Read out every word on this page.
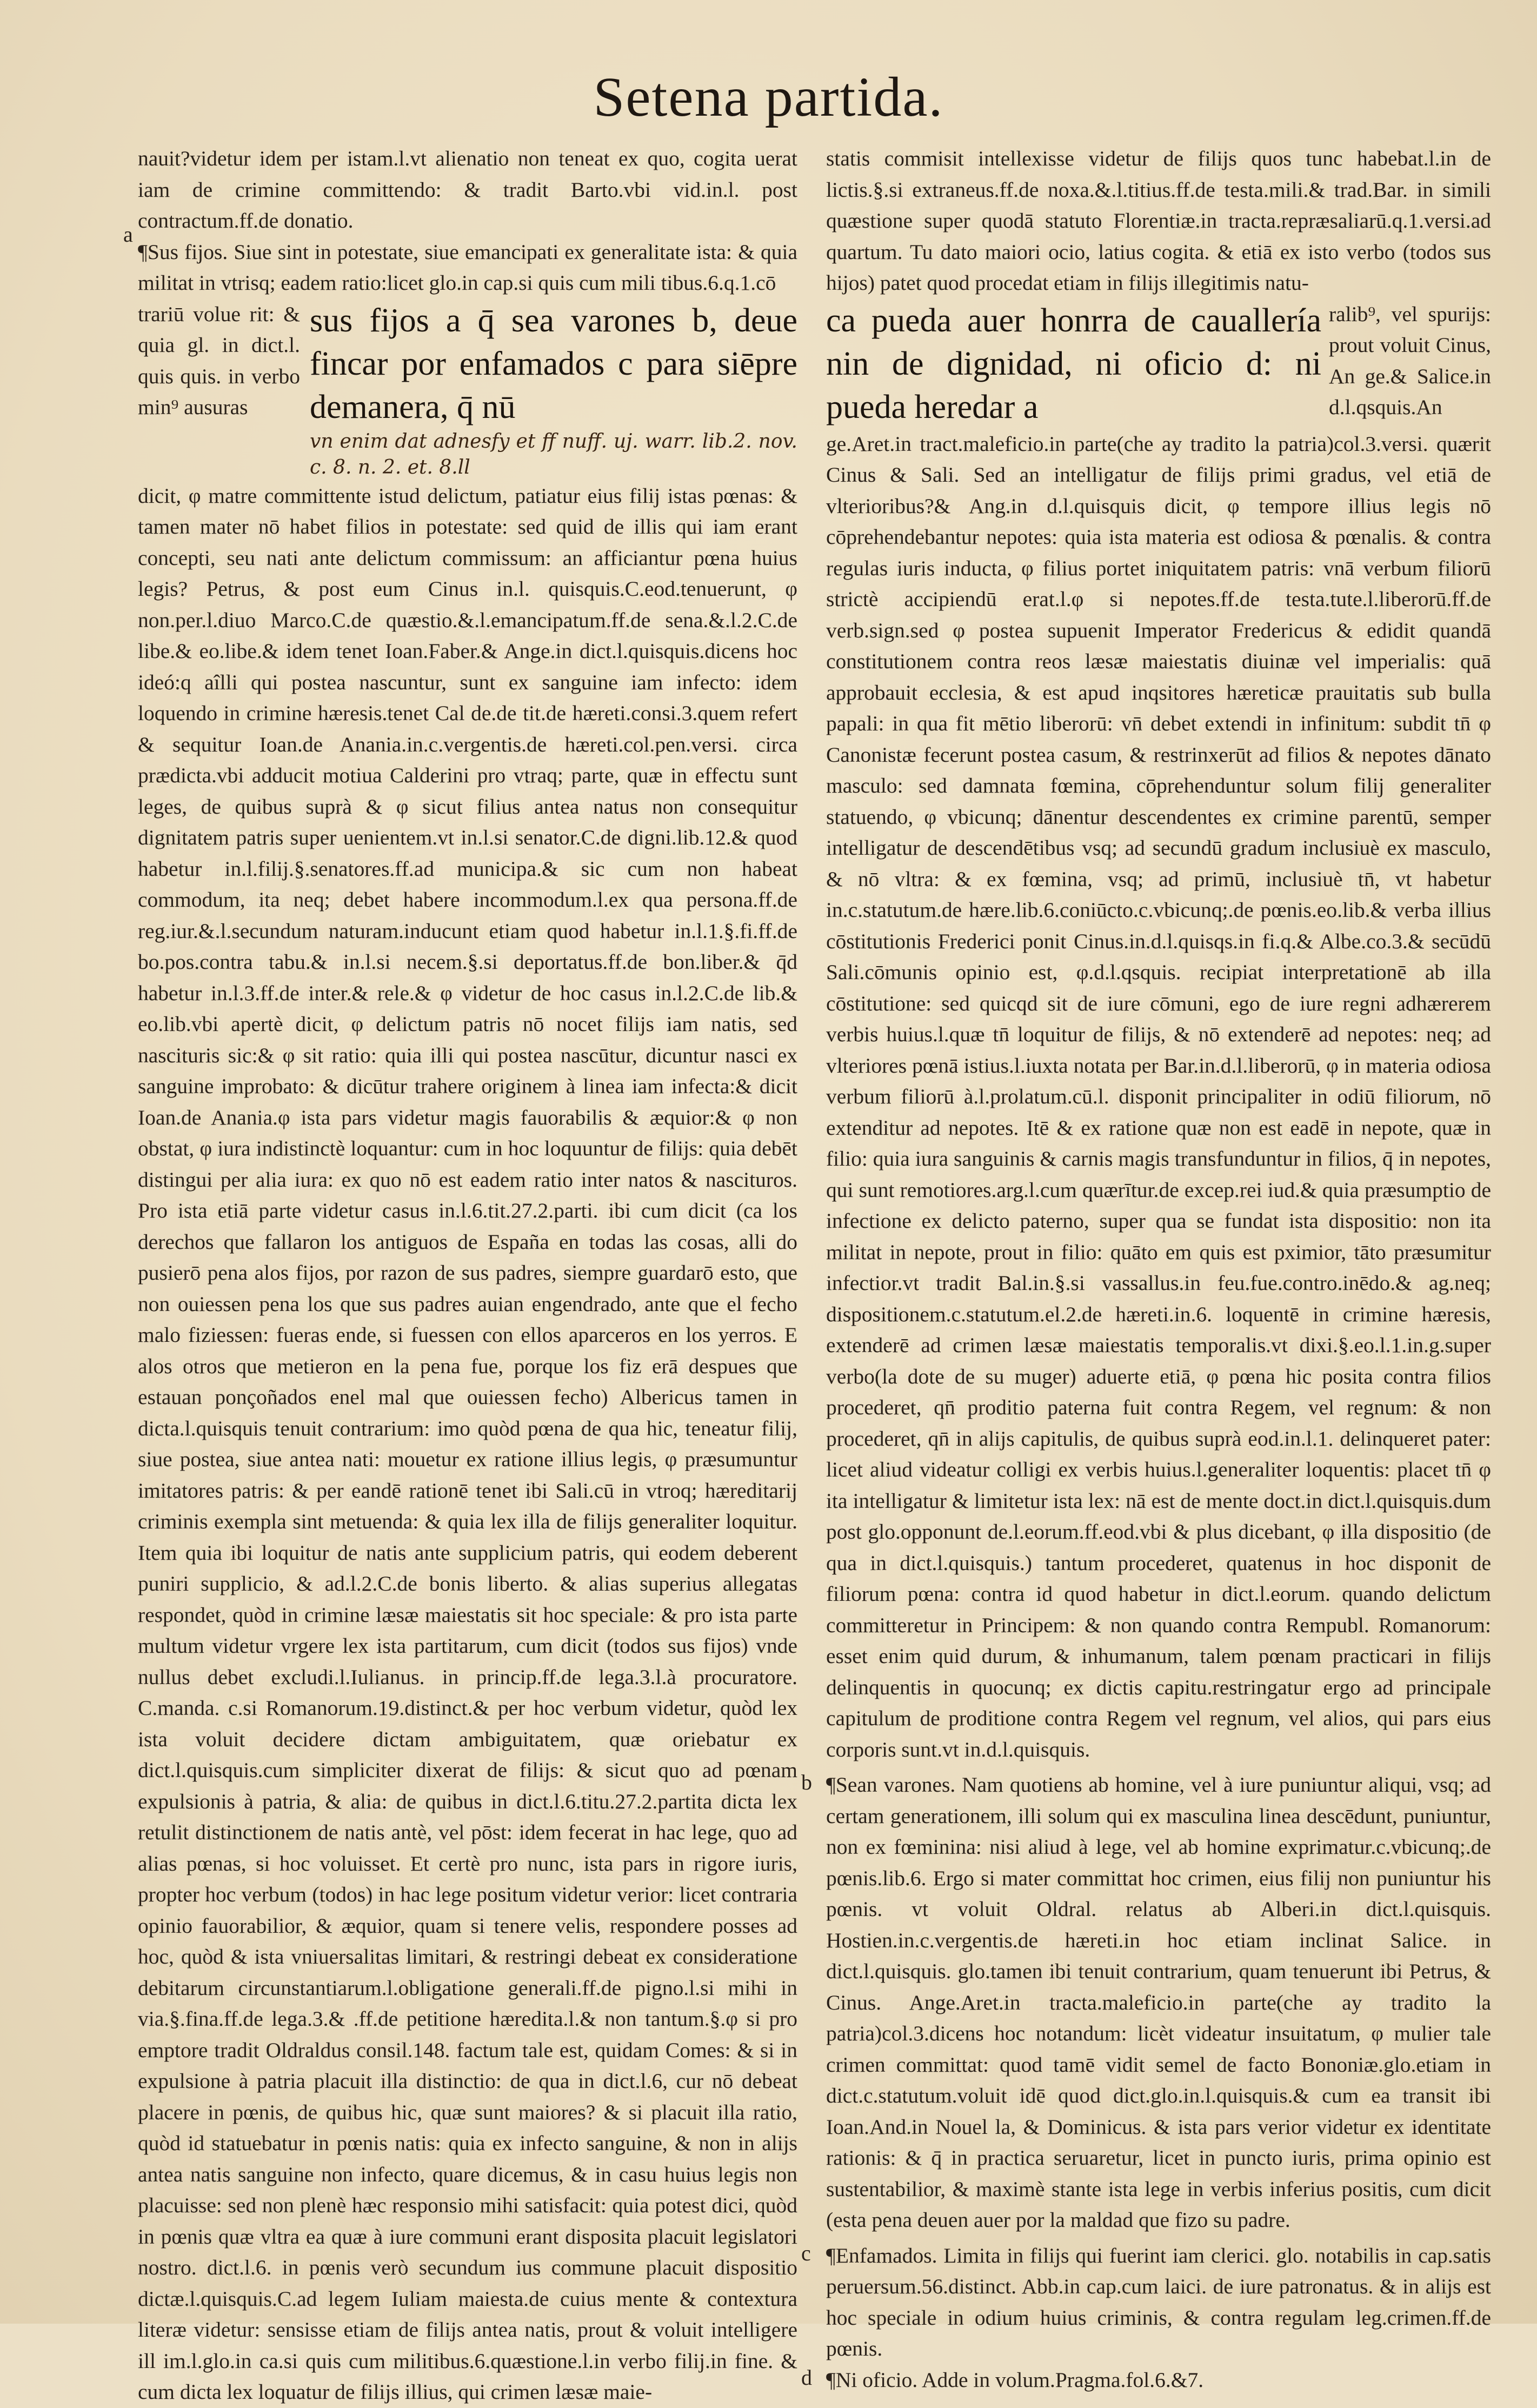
Setena partida.
a
b

nauit?videtur idem per istam.l.vt alienatio non teneat ex quo, cogita uerat iam de crimine committendo: & tradit Barto.vbi vid.in.l. post contractum.ff.de donatio.

¶Sus fijos. Siue sint in potestate, siue emancipati ex generalitate ista: & quia militat in vtrisq; eadem ratio:licet glo.in cap.si quis cum mili tibus.6.q.1.cō

trariū volue rit: & quia gl. in dict.l. quis quis. in verbo min⁹ ausuras

sus fijos a q̄ sea varones b, deue fincar por enfamados c para siēpre demanera, q̄ nū

vn enim dat adnesfy et ff nuff. uj. warr. lib.2. nov. c. 8. n. 2. et. 8.ll

dicit, φ matre committente istud delictum, patiatur eius filij istas pœnas: & tamen mater nō habet filios in potestate: sed quid de illis qui iam erant concepti, seu nati ante delictum commissum: an afficiantur pœna huius legis? Petrus, & post eum Cinus in.l. quisquis.C.eod.tenuerunt, φ non.per.l.diuo Marco.C.de quæstio.&.l.emancipatum.ff.de sena.&.l.2.C.de libe.& eo.libe.& idem tenet Ioan.Faber.& Ange.in dict.l.quisquis.dicens hoc ideó:q aîlli qui postea nascuntur, sunt ex sanguine iam infecto: idem loquendo in crimine hæresis.tenet Cal de.de tit.de hæreti.consi.3.quem refert & sequitur Ioan.de Anania.in.c.vergentis.de hæreti.col.pen.versi. circa prædicta.vbi adducit motiua Calderini pro vtraq; parte, quæ in effectu sunt leges, de quibus suprà & φ sicut filius antea natus non consequitur dignitatem patris super uenientem.vt in.l.si senator.C.de digni.lib.12.& quod habetur in.l.filij.§.senatores.ff.ad municipa.& sic cum non habeat commodum, ita neq; debet habere incommodum.l.ex qua persona.ff.de reg.iur.&.l.secundum naturam.inducunt etiam quod habetur in.l.1.§.fi.ff.de bo.pos.contra tabu.& in.l.si necem.§.si deportatus.ff.de bon.liber.& q̄d habetur in.l.3.ff.de inter.& rele.& φ videtur de hoc casus in.l.2.C.de lib.& eo.lib.vbi apertè dicit, φ delictum patris nō nocet filijs iam natis, sed nascituris sic:& φ sit ratio: quia illi qui postea nascūtur, dicuntur nasci ex sanguine improbato: & dicūtur trahere originem à linea iam infecta:& dicit Ioan.de Anania.φ ista pars videtur magis fauorabilis & æquior:& φ non obstat, φ iura indistinctè loquantur: cum in hoc loquuntur de filijs: quia debēt distingui per alia iura: ex quo nō est eadem ratio inter natos & nascituros. Pro ista etiā parte videtur casus in.l.6.tit.27.2.parti. ibi cum dicit (ca los derechos que fallaron los antiguos de España en todas las cosas, alli do pusierō pena alos fijos, por razon de sus padres, siempre guardarō esto, que non ouiessen pena los que sus padres auian engendrado, ante que el fecho malo fiziessen: fueras ende, si fuessen con ellos aparceros en los yerros. E alos otros que metieron en la pena fue, porque los fiz erā despues que estauan ponçoñados enel mal que ouiessen fecho) Albericus tamen in dicta.l.quisquis tenuit contrarium: imo quòd pœna de qua hic, teneatur filij, siue postea, siue antea nati: mouetur ex ratione illius legis, φ præsumuntur imitatores patris: & per eandē rationē tenet ibi Sali.cū in vtroq; hæreditarij criminis exempla sint metuenda: & quia lex illa de filijs generaliter loquitur. Item quia ibi loquitur de natis ante supplicium patris, qui eodem deberent puniri supplicio, & ad.l.2.C.de bonis liberto. & alias superius allegatas respondet, quòd in crimine læsæ maiestatis sit hoc speciale: & pro ista parte multum videtur vrgere lex ista partitarum, cum dicit (todos sus fijos) vnde nullus debet excludi.l.Iulianus. in princip.ff.de lega.3.l.à procuratore. C.manda. c.si Romanorum.19.distinct.& per hoc verbum videtur, quòd lex ista voluit decidere dictam ambiguitatem, quæ oriebatur ex dict.l.quisquis.cum simpliciter dixerat de filijs: & sicut quo ad pœnam expulsionis à patria, & alia: de quibus in dict.l.6.titu.27.2.partita dicta lex retulit distinctionem de natis antè, vel pōst: idem fecerat in hac lege, quo ad alias pœnas, si hoc voluisset. Et certè pro nunc, ista pars in rigore iuris, propter hoc verbum (todos) in hac lege positum videtur verior: licet contraria opinio fauorabilior, & æquior, quam si tenere velis, respondere posses ad hoc, quòd & ista vniuersalitas limitari, & restringi debeat ex consideratione debitarum circunstantiarum.l.obligatione generali.ff.de pigno.l.si mihi in via.§.fina.ff.de lega.3.& .ff.de petitione hæredita.l.& non tantum.§.φ si pro emptore tradit Oldraldus consil.148. factum tale est, quidam Comes: & si in expulsione à patria placuit illa distinctio: de qua in dict.l.6, cur nō debeat placere in pœnis, de quibus hic, quæ sunt maiores? & si placuit illa ratio, quòd id statuebatur in pœnis natis: quia ex infecto sanguine, & non in alijs antea natis sanguine non infecto, quare dicemus, & in casu huius legis non placuisse: sed non plenè hæc responsio mihi satisfacit: quia potest dici, quòd in pœnis quæ vltra ea quæ à iure communi erant disposita placuit legislatori nostro. dict.l.6. in pœnis verò secundum ius commune placuit dispositio dictæ.l.quisquis.C.ad legem Iuliam maiesta.de cuius mente & contextura literæ videtur: sensisse etiam de filijs antea natis, prout & voluit intelligere ill im.l.glo.in ca.si quis cum militibus.6.quæstione.l.in verbo filij.in fine. & cum dicta lex loquatur de filijs illius, qui crimen læsæ maie-

statis commisit intellexisse videtur de filijs quos tunc habebat.l.in de lictis.§.si extraneus.ff.de noxa.&.l.titius.ff.de testa.mili.& trad.Bar. in simili quæstione super quodā statuto Florentiæ.in tracta.repræsaliarū.q.1.versi.ad quartum. Tu dato maiori ocio, latius cogita. & etiā ex isto verbo (todos sus hijos) patet quod procedat etiam in filijs illegitimis natu-

ca pueda auer honrra de cauallería nin de dignidad, ni oficio d: ni pueda heredar a

ralib⁹, vel spurijs: prout voluit Cinus, An ge.& Salice.in d.l.qsquis.An

ge.Aret.in tract.maleficio.in parte(che ay tradito la patria)col.3.versi. quærit Cinus & Sali. Sed an intelligatur de filijs primi gradus, vel etiā de vlterioribus?& Ang.in d.l.quisquis dicit, φ tempore illius legis nō cōprehendebantur nepotes: quia ista materia est odiosa & pœnalis. & contra regulas iuris inducta, φ filius portet iniquitatem patris: vnā verbum filiorū strictè accipiendū erat.l.φ si nepotes.ff.de testa.tute.l.liberorū.ff.de verb.sign.sed φ postea supuenit Imperator Fredericus & edidit quandā constitutionem contra reos læsæ maiestatis diuinæ vel imperialis: quā approbauit ecclesia, & est apud inqsitores hæreticæ prauitatis sub bulla papali: in qua fit mētio liberorū: vn̄ debet extendi in infinitum: subdit tn̄ φ Canonistæ fecerunt postea casum, & restrinxerūt ad filios & nepotes dānato masculo: sed damnata fœmina, cōprehenduntur solum filij generaliter statuendo, φ vbicunq; dānentur descendentes ex crimine parentū, semper intelligatur de descendētibus vsq; ad secundū gradum inclusiuè ex masculo, & nō vltra: & ex fœmina, vsq; ad primū, inclusiuè tn̄, vt habetur in.c.statutum.de hære.lib.6.coniūcto.c.vbicunq;.de pœnis.eo.lib.& verba illius cōstitutionis Frederici ponit Cinus.in.d.l.quisqs.in fi.q.& Albe.co.3.& secūdū Sali.cōmunis opinio est, φ.d.l.qsquis. recipiat interpretationē ab illa cōstitutione: sed quicqd sit de iure cōmuni, ego de iure regni adhærerem verbis huius.l.quæ tn̄ loquitur de filijs, & nō extenderē ad nepotes: neq; ad vlteriores pœnā istius.l.iuxta notata per Bar.in.d.l.liberorū, φ in materia odiosa verbum filiorū à.l.prolatum.cū.l. disponit principaliter in odiū filiorum, nō extenditur ad nepotes. Itē & ex ratione quæ non est eadē in nepote, quæ in filio: quia iura sanguinis & carnis magis transfunduntur in filios, q̄ in nepotes, qui sunt remotiores.arg.l.cum quærītur.de excep.rei iud.& quia præsumptio de infectione ex delicto paterno, super qua se fundat ista dispositio: non ita militat in nepote, prout in filio: quāto em quis est pximior, tāto præsumitur infectior.vt tradit Bal.in.§.si vassallus.in feu.fue.contro.inēdo.& ag.neq; dispositionem.c.statutum.el.2.de hæreti.in.6. loquentē in crimine hæresis, extenderē ad crimen læsæ maiestatis temporalis.vt dixi.§.eo.l.1.in.g.super verbo(la dote de su muger) aduerte etiā, φ pœna hic posita contra filios procederet, qn̄ proditio paterna fuit contra Regem, vel regnum: & non procederet, qn̄ in alijs capitulis, de quibus suprà eod.in.l.1. delinqueret pater: licet aliud videatur colligi ex verbis huius.l.generaliter loquentis: placet tn̄ φ ita intelligatur & limitetur ista lex: nā est de mente doct.in dict.l.quisquis.dum post glo.opponunt de.l.eorum.ff.eod.vbi & plus dicebant, φ illa dispositio (de qua in dict.l.quisquis.) tantum procederet, quatenus in hoc disponit de filiorum pœna: contra id quod habetur in dict.l.eorum. quando delictum committeretur in Principem: & non quando contra Rempubl. Romanorum: esset enim quid durum, & inhumanum, talem pœnam practicari in filijs delinquentis in quocunq; ex dictis capitu.restringatur ergo ad principale capitulum de proditione contra Regem vel regnum, vel alios, qui pars eius corporis sunt.vt in.d.l.quisquis.

¶Sean varones. Nam quotiens ab homine, vel à iure puniuntur aliqui, vsq; ad certam generationem, illi solum qui ex masculina linea descēdunt, puniuntur, non ex fœminina: nisi aliud à lege, vel ab homine exprimatur.c.vbicunq;.de pœnis.lib.6. Ergo si mater committat hoc crimen, eius filij non puniuntur his pœnis. vt voluit Oldral. relatus ab Alberi.in dict.l.quisquis. Hostien.in.c.vergentis.de hæreti.in hoc etiam inclinat Salice. in dict.l.quisquis. glo.tamen ibi tenuit contrarium, quam tenuerunt ibi Petrus, & Cinus. Ange.Aret.in tracta.maleficio.in parte(che ay tradito la patria)col.3.dicens hoc notandum: licèt videatur insuitatum, φ mulier tale crimen committat: quod tamē vidit semel de facto Bononiæ.glo.etiam in dict.c.statutum.voluit idē quod dict.glo.in.l.quisquis.& cum ea transit ibi Ioan.And.in Nouel la, & Dominicus. & ista pars verior videtur ex identitate rationis: & q̄ in practica seruaretur, licet in puncto iuris, prima opinio est sustentabilior, & maximè stante ista lege in verbis inferius positis, cum dicit (esta pena deuen auer por la maldad que fizo su padre.

¶Enfamados. Limita in filijs qui fuerint iam clerici. glo. notabilis in cap.satis peruersum.56.distinct. Abb.in cap.cum laici. de iure patronatus. & in alijs est hoc speciale in odium huius criminis, & contra regulam leg.crimen.ff.de pœnis.

¶Ni oficio. Adde in volum.Pragma.fol.6.&7.

c
d
